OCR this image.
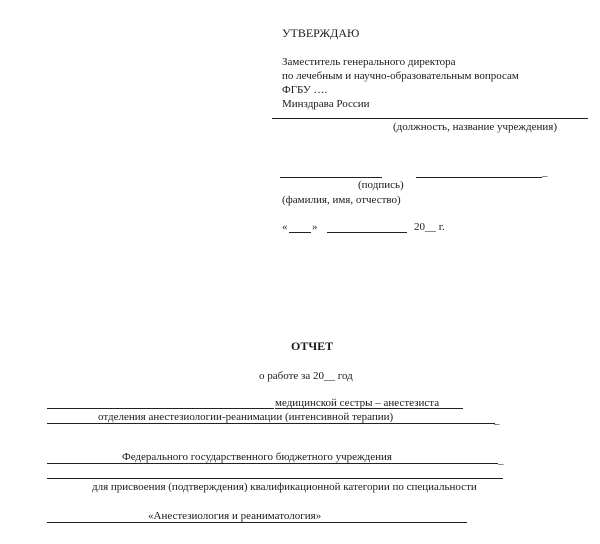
УТВЕРЖДАЮ
Заместитель генерального директора
по лечебным и научно-образовательным вопросам
ФГБУ ….
Минздрава России
(должность, название учреждения)
_
(подпись)
(фамилия, имя, отчество)
« »	20__ г.
ОТЧЕТ
о работе за 20__ год
медицинской сестры – анестезиста
отделения анестезиологии-реанимации (интенсивной терапии)	_
Федерального государственного бюджетного учреждения	_
для присвоения (подтверждения) квалификационной категории по специальности
«Анестезиология и реаниматология»
